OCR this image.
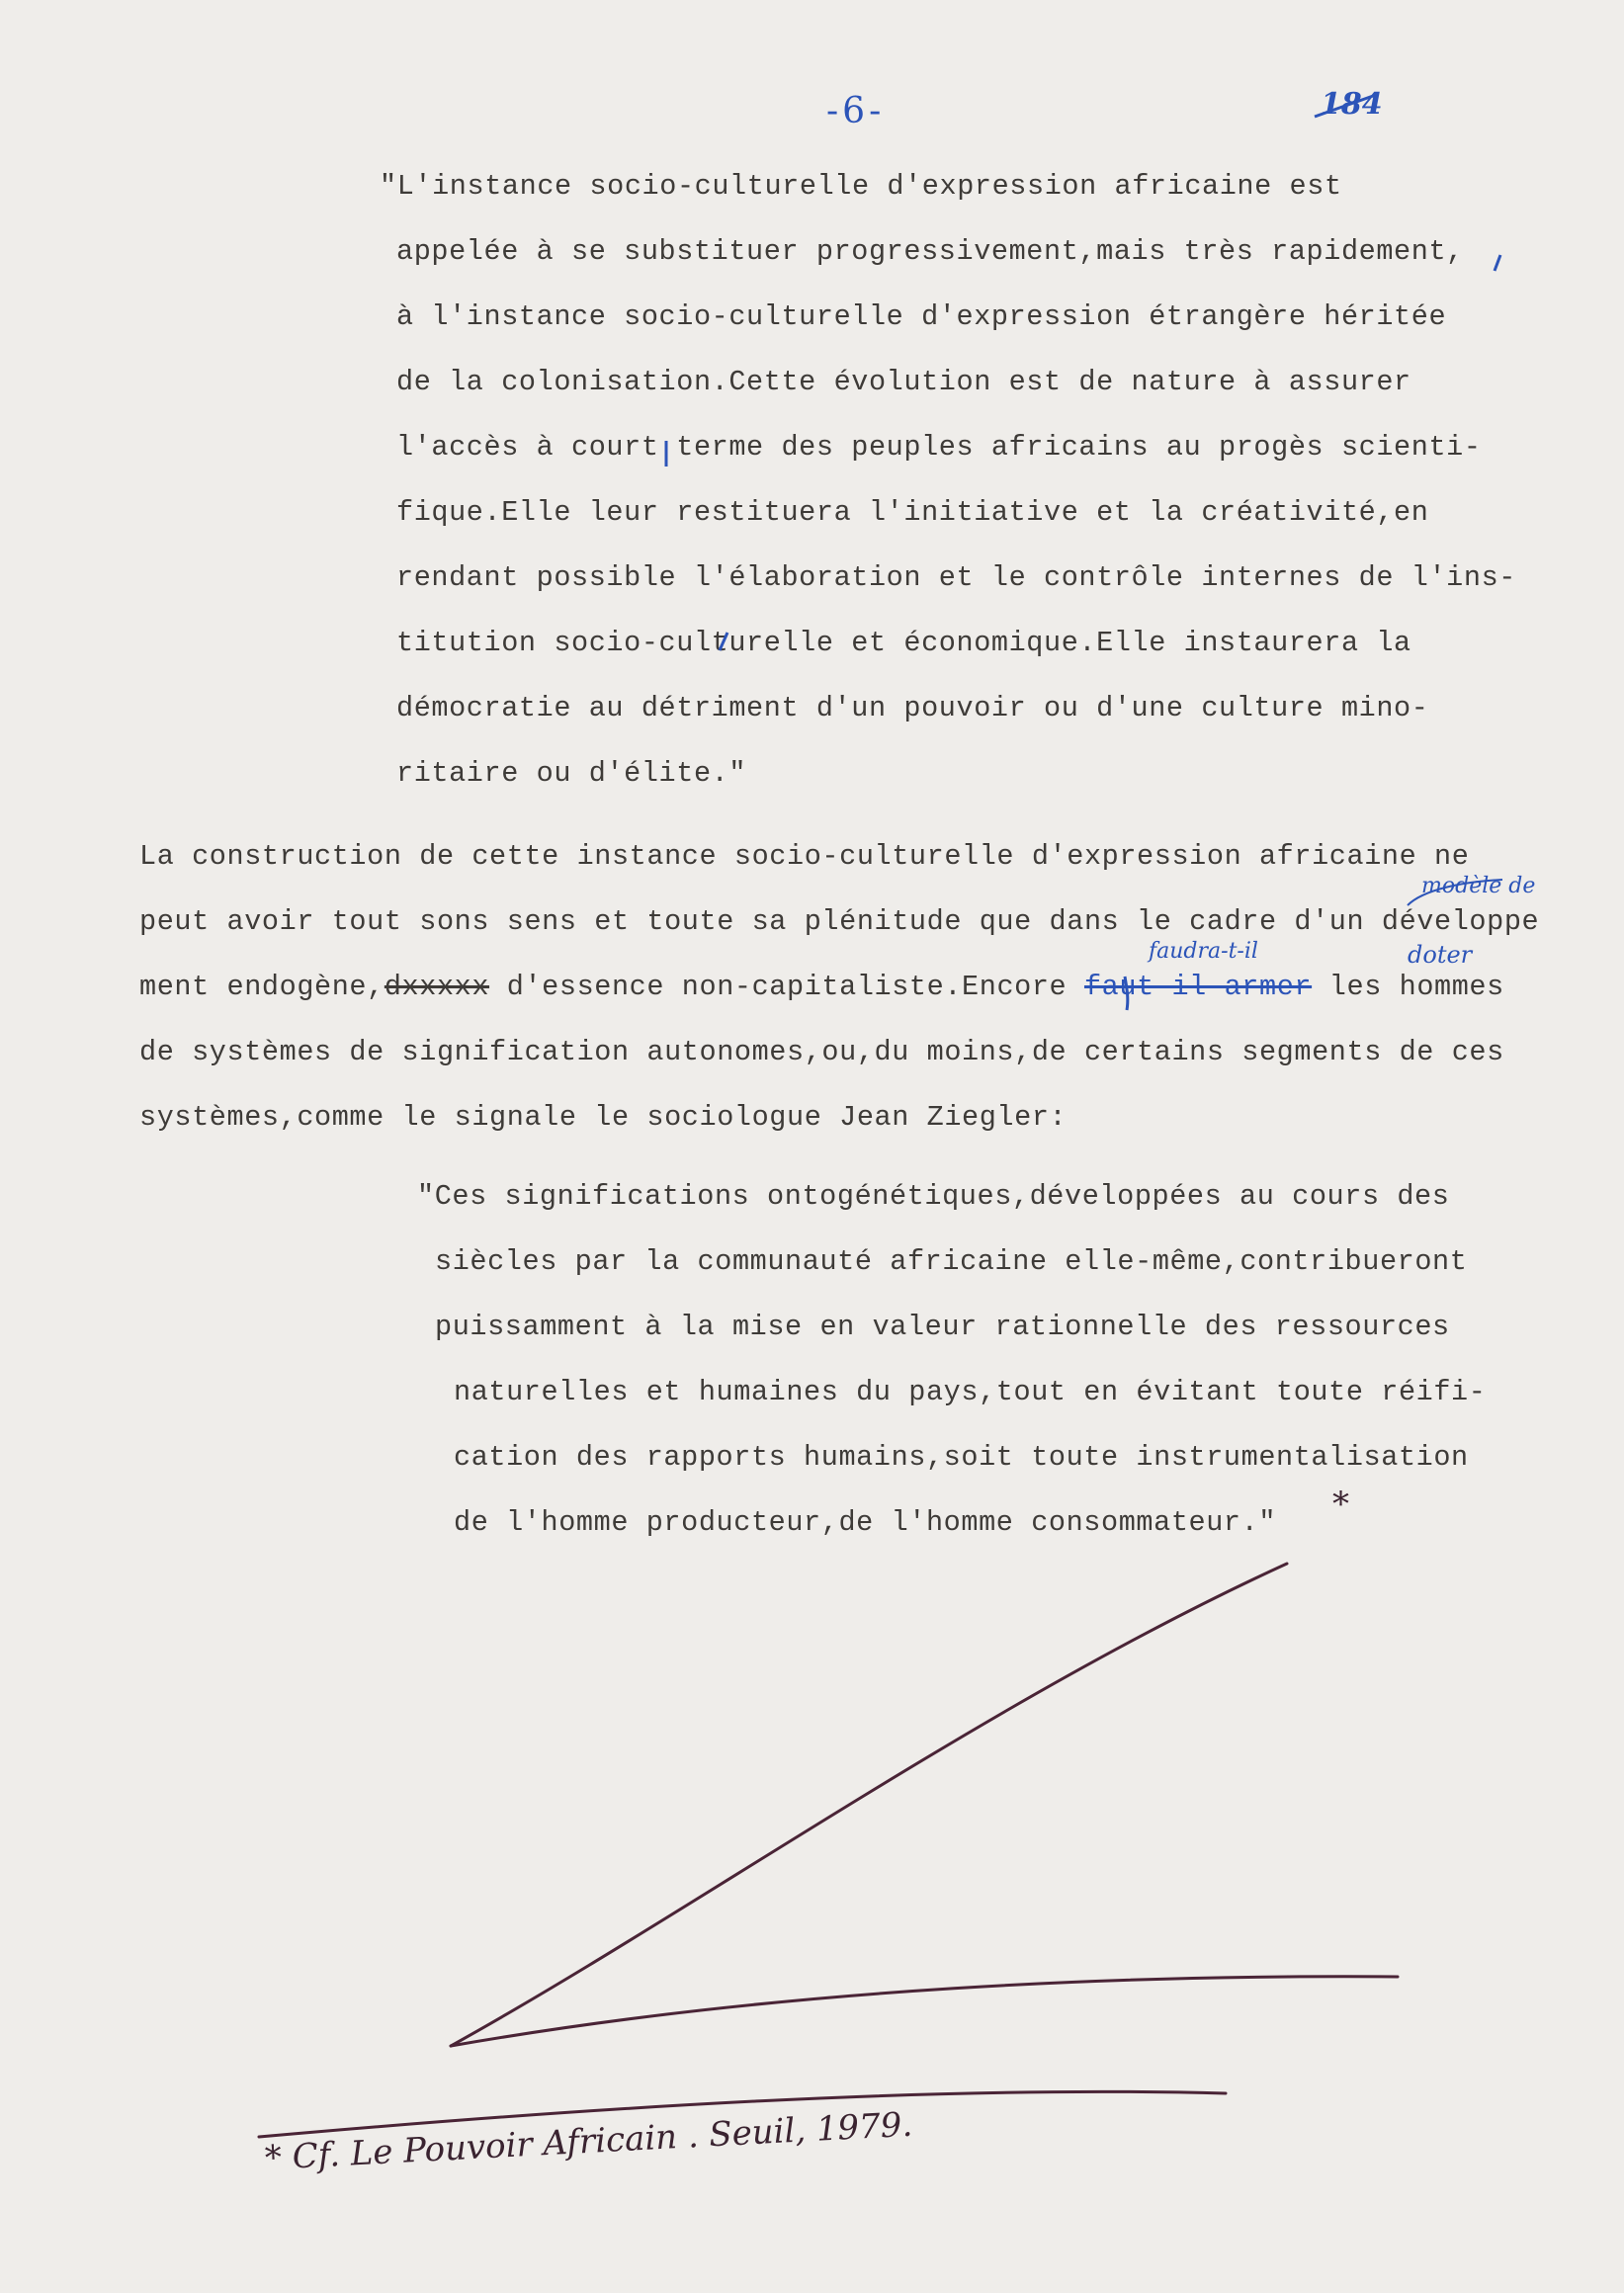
-6-	184
"L'instance socio-culturelle d'expression africaine est
appelée à se substituer progressivement,mais très rapidement,
à l'instance socio-culturelle d'expression étrangère héritée
de la colonisation.Cette évolution est de nature à assurer
l'accès à court terme des peuples africains au progès scienti-
fique.Elle leur restituera l'initiative et la créativité,en
rendant possible l'élaboration et le contrôle internes de l'ins-
titution socio-culturelle et économique.Elle instaurera la
démocratie au détriment d'un pouvoir ou d'une culture mino-
ritaire ou d'élite."
La construction de cette instance socio-culturelle d'expression africaine ne
peut avoir tout sons sens et toute sa plénitude que dans le cadre d'un développe
ment endogène,dxxxxx d'essence non-capitaliste.Encore faut-il armer les hommes
de systèmes de signification autonomes,ou,du moins,de certains segments de ces
systèmes,comme le signale le sociologue Jean Ziegler:
modèle de
faudra-t-il	doter
"Ces significations ontogénétiques,développées au cours des
siècles par la communauté africaine elle-même,contribueront
puissamment à la mise en valeur rationnelle des ressources
naturelles et humaines du pays,tout en évitant toute réifi-
cation des rapports humains,soit toute instrumentalisation
de l'homme producteur,de l'homme consommateur." *
* Cf. Le Pouvoir Africain . Seuil, 1979.
